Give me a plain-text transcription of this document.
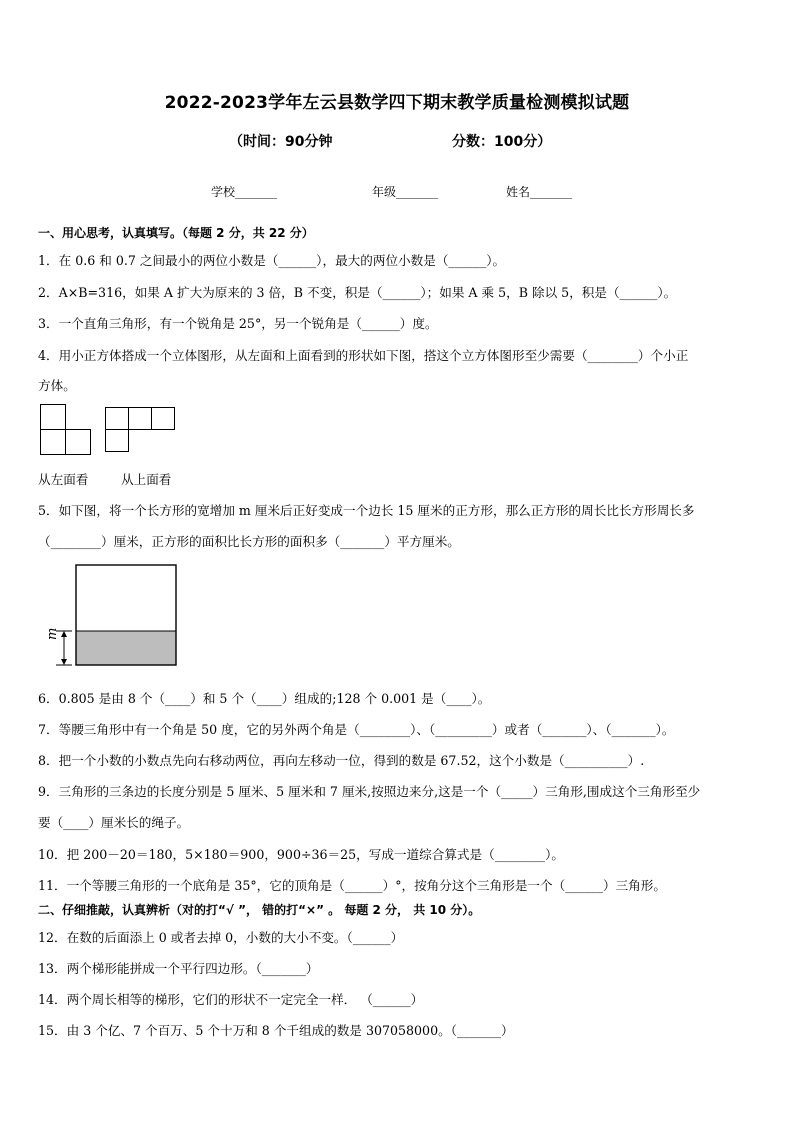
2022-2023学年左云县数学四下期末教学质量检测模拟试题
（时间：90分钟	分数：100分）
学校_______	年级_______	姓名_______
一、用心思考，认真填写。（每题 2 分，共 22 分）
1．在 0.6 和 0.7 之间最小的两位小数是（______），最大的两位小数是（______）。
2．A×B=316，如果 A 扩大为原来的 3 倍，B 不变，积是（______）；如果 A 乘 5，B 除以 5，积是（______）。
3．一个直角三角形，有一个锐角是 25°，另一个锐角是（______）度。
4．用小正方体搭成一个立体图形，从左面和上面看到的形状如下图，搭这个立方体图形至少需要（________）个小正
方体。
从左面看	从上面看
5．如下图，将一个长方形的宽增加 m 厘米后正好变成一个边长 15 厘米的正方形，那么正方形的周长比长方形周长多
（________）厘米，正方形的面积比长方形的面积多（_______）平方厘米。
m
6．0.805 是由 8 个（____）和 5 个（____）组成的;128 个 0.001 是（____）。
7．等腰三角形中有一个角是 50 度，它的另外两个角是（________）、（_________）或者（_______）、（_______）。
8．把一个小数的小数点先向右移动两位，再向左移动一位，得到的数是 67.52，这个小数是（__________）.
9．三角形的三条边的长度分别是 5 厘米、5 厘米和 7 厘米,按照边来分,这是一个（_____）三角形,围成这个三角形至少
要（____）厘米长的绳子。
10．把 200－20＝180，5×180＝900，900÷36＝25，写成一道综合算式是（________）。
11．一个等腰三角形的一个底角是 35°，它的顶角是（______）°，按角分这个三角形是一个（______）三角形。
二、仔细推敲，认真辨析（对的打“√ ”， 错的打“×” 。 每题 2 分， 共 10 分）。
12．在数的后面添上 0 或者去掉 0，小数的大小不变。（______）
13．两个梯形能拼成一个平行四边形。（_______）
14．两个周长相等的梯形，它们的形状不一定完全一样． （______）
15．由 3 个亿、7 个百万、5 个十万和 8 个千组成的数是 307058000。（_______）
